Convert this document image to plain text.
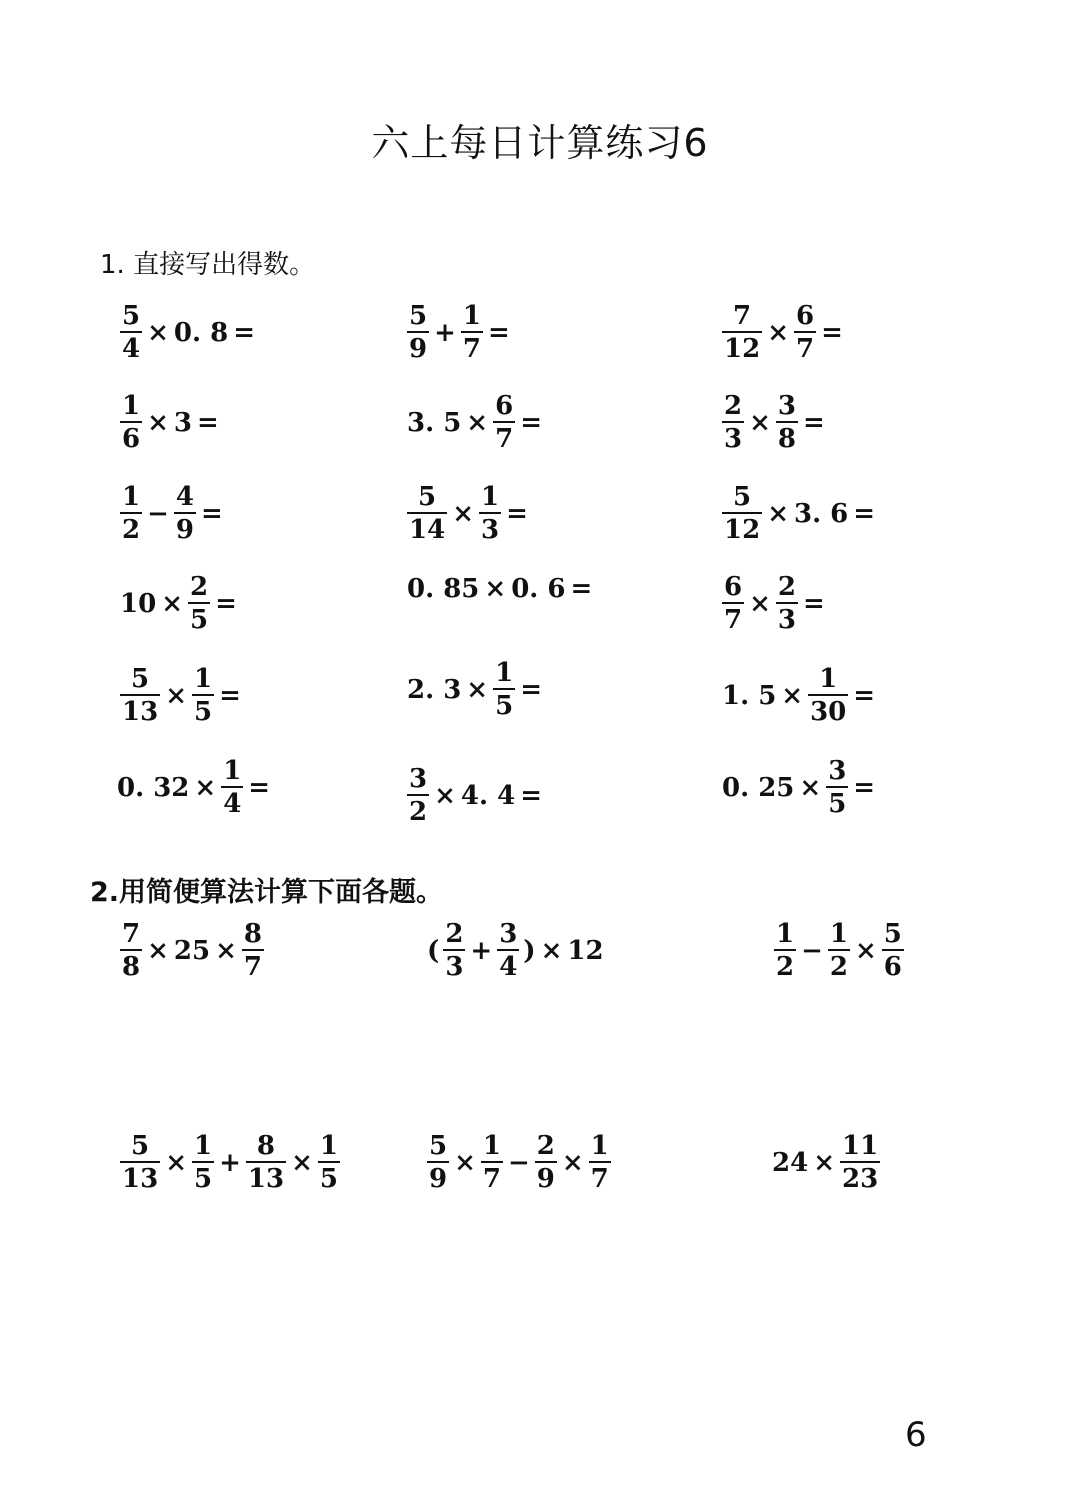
六上每日计算练习6
1. 直接写出得数。
$\frac{5}{4} \times 0$. 8 =	$\frac{5}{9} + \frac{1}{7}$ =	$\frac{7}{12} \times \frac{6}{7}$ =
$\frac{1}{6} \times 3$ =	3. $5 \times \frac{6}{7}$ =	$\frac{2}{3} \times \frac{3}{8}$ =
$\frac{1}{2} - \frac{4}{9}$ =	$\frac{5}{14} \times \frac{1}{3}$ =	$\frac{5}{12} \times 3$. 6 =
$10 \times \frac{2}{5}$ =	0. 85 × 0. 6 =	$\frac{6}{7} \times \frac{2}{3}$ =
$\frac{5}{13} \times \frac{1}{5}$ =	2. $3 \times \frac{1}{5}$ =	1. $5 \times \frac{1}{30}$ =
0. $32 \times \frac{1}{4}$ =	$\frac{3}{2} \times 4$. 4 =	0. $25 \times \frac{3}{5}$ =
2.用简便算法计算下面各题。
$\frac{7}{8} \times 25 \times \frac{8}{7}$	( $\frac{2}{3} + \frac{3}{4}$ ) × 12	$\frac{1}{2} - \frac{1}{2} \times \frac{5}{6}$
$\frac{5}{13} \times \frac{1}{5} + \frac{8}{13} \times \frac{1}{5}$	$\frac{5}{9} \times \frac{1}{7} - \frac{2}{9} \times \frac{1}{7}$	$24 \times \frac{11}{23}$
6
